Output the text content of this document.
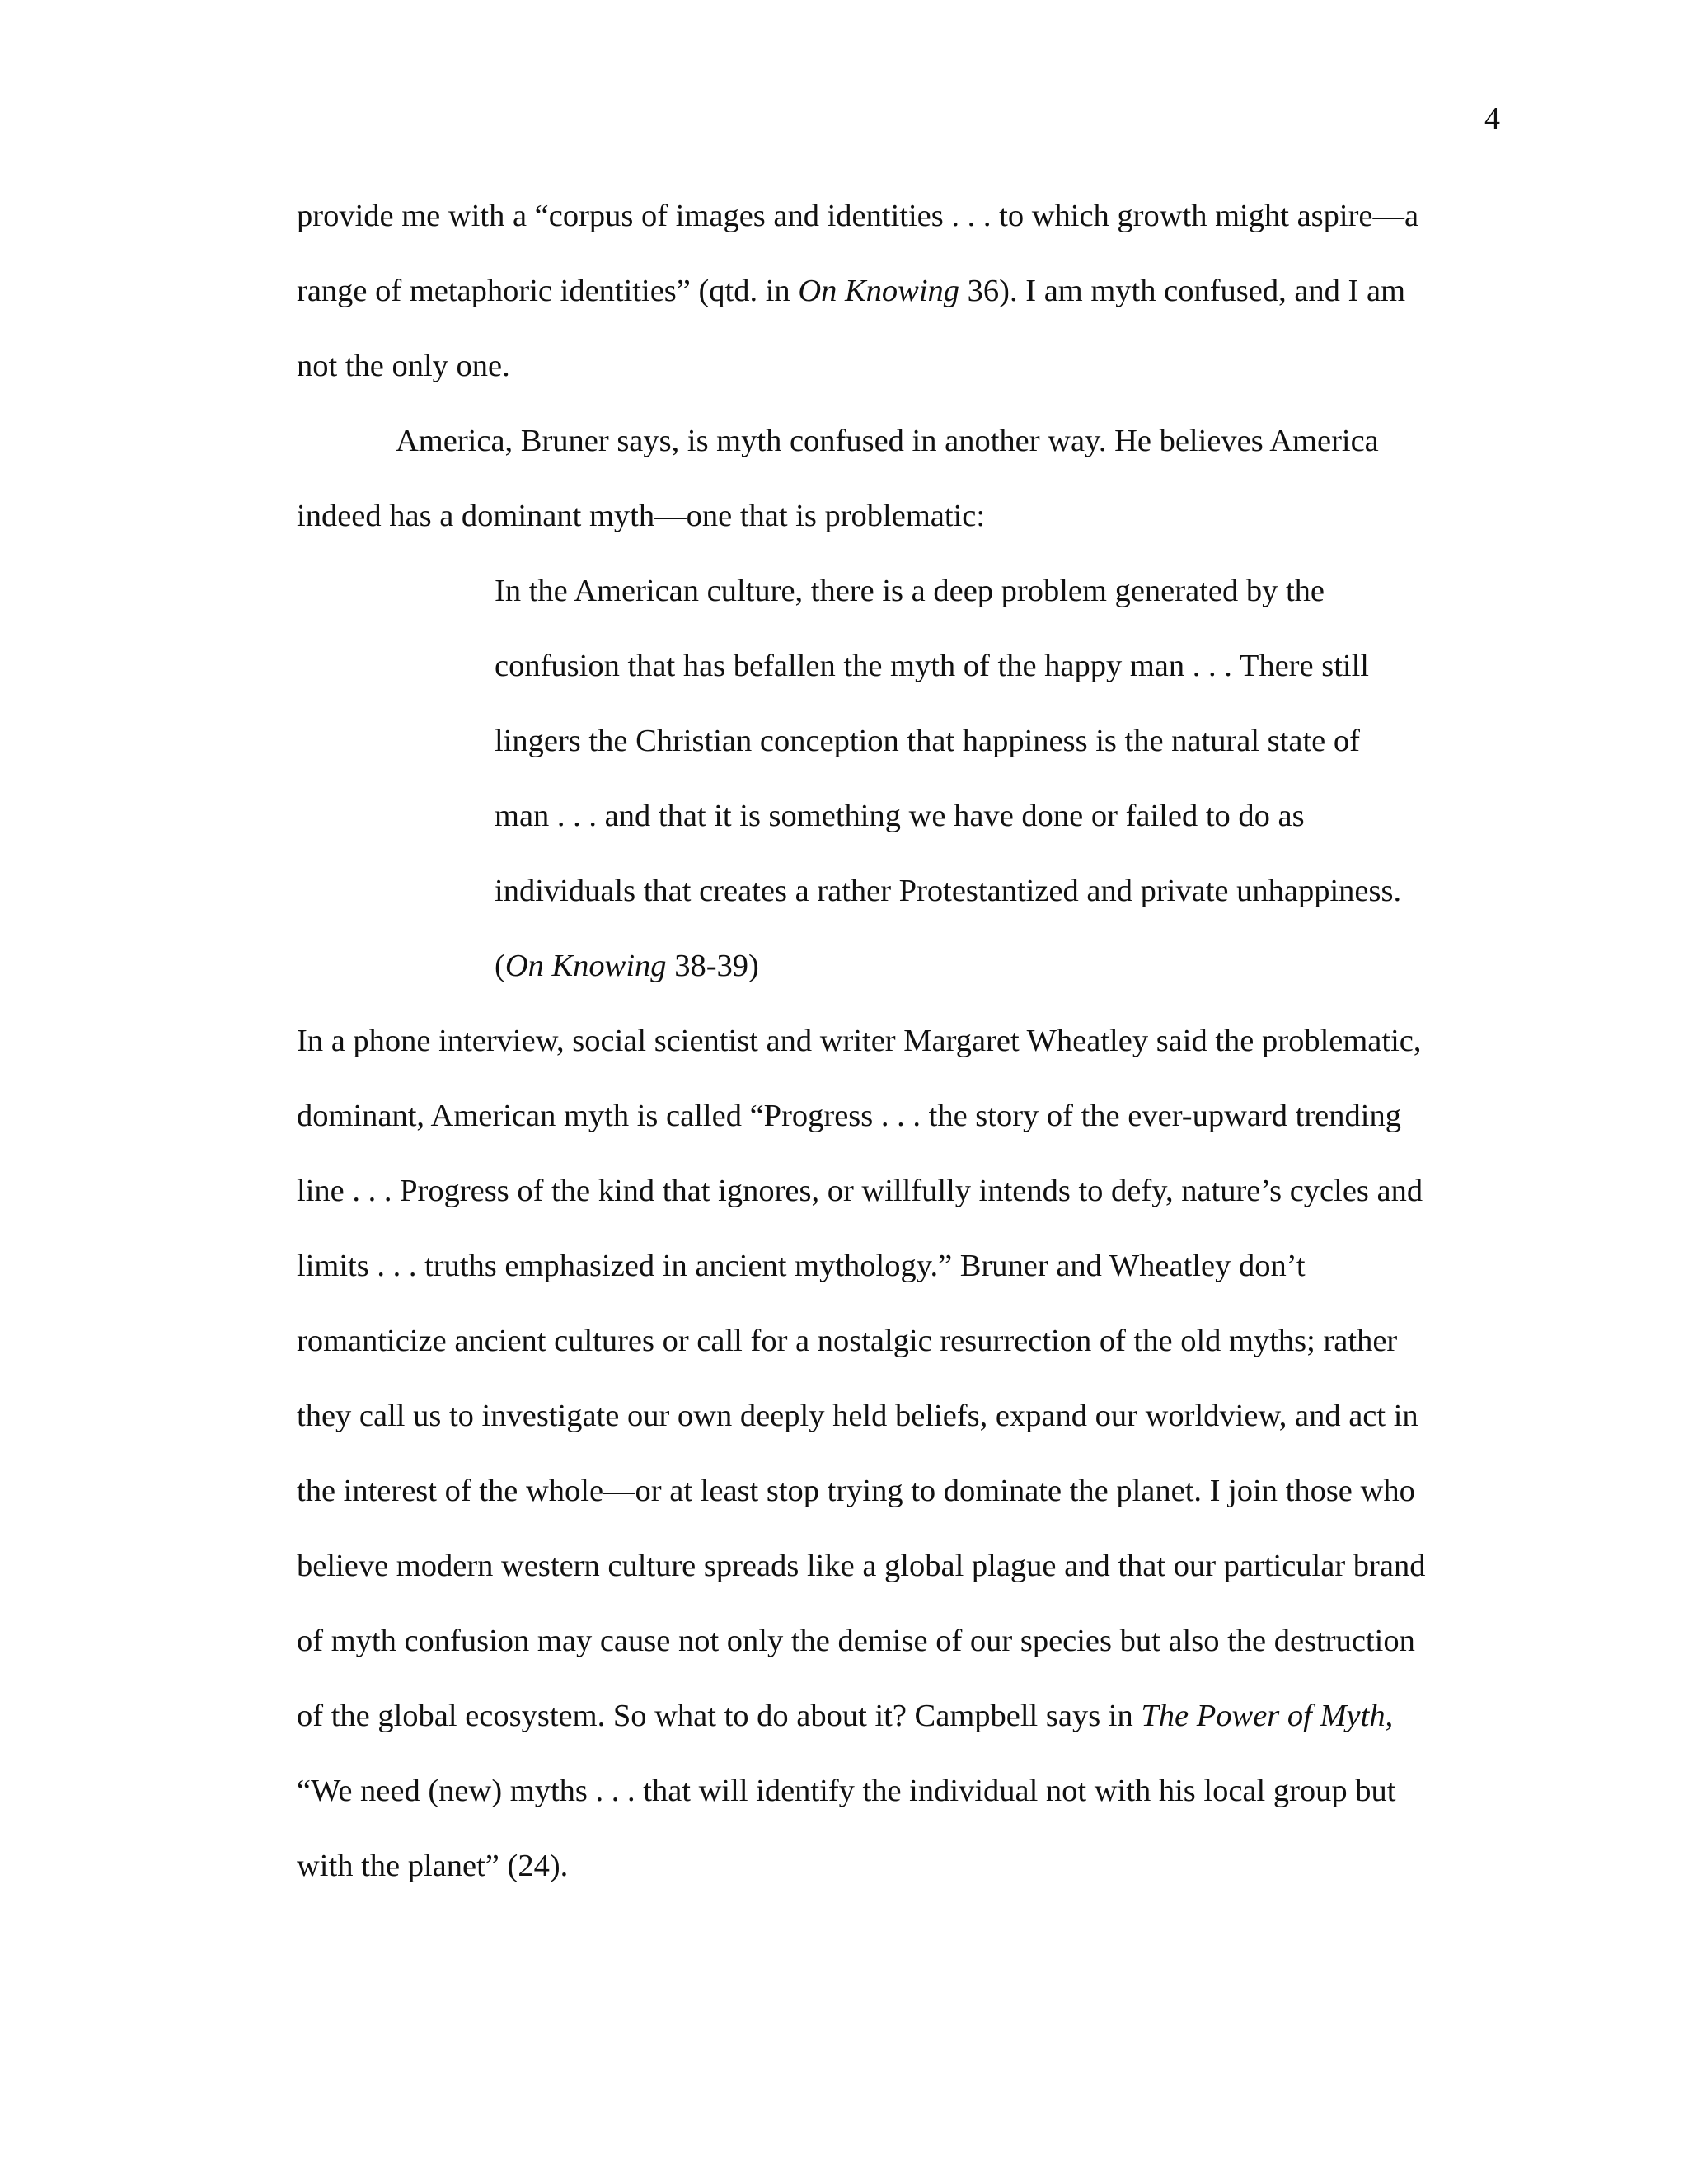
4
provide me with a “corpus of images and identities . . . to which growth might aspire—a
range of metaphoric identities” (qtd. in On Knowing 36). I am myth confused, and I am
not the only one.
America, Bruner says, is myth confused in another way. He believes America
indeed has a dominant myth—one that is problematic:
In the American culture, there is a deep problem generated by the
confusion that has befallen the myth of the happy man . . . There still
lingers the Christian conception that happiness is the natural state of
man . . . and that it is something we have done or failed to do as
individuals that creates a rather Protestantized and private unhappiness.
(On Knowing 38-39)
In a phone interview, social scientist and writer Margaret Wheatley said the problematic,
dominant, American myth is called “Progress . . . the story of the ever-upward trending
line . . . Progress of the kind that ignores, or willfully intends to defy, nature’s cycles and
limits . . . truths emphasized in ancient mythology.” Bruner and Wheatley don’t
romanticize ancient cultures or call for a nostalgic resurrection of the old myths; rather
they call us to investigate our own deeply held beliefs, expand our worldview, and act in
the interest of the whole—or at least stop trying to dominate the planet. I join those who
believe modern western culture spreads like a global plague and that our particular brand
of myth confusion may cause not only the demise of our species but also the destruction
of the global ecosystem. So what to do about it? Campbell says in The Power of Myth,
“We need (new) myths . . . that will identify the individual not with his local group but
with the planet” (24).
